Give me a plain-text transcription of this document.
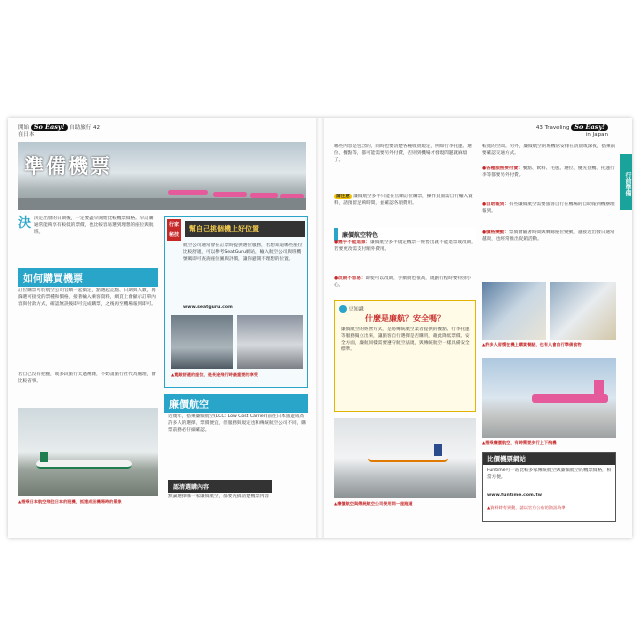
開始 So Easy! 自助旅行 42
在日本
準備機票
決 決定出發的日期後，一定要盡早開始比較機票價格。早訂購通常能夠享有較低的票價，也比較容易選到理想的座位與航班。
如何購買機票
訂位購票可於航空公司官網一起搞定，點選起訖點、日期與人數，再篩選可接受的票種和價格，接著輸入乘客資料，網頁上會顯示訂單內容與付款方式，確認無誤後即可完成購票，之後再至機場報到即可。
若自己沒有把握，或多段旅行太過複雜，不妨請旅行社代為處理，會比較省事。
▲搭乘日本航空飛往日本的班機，抵達成田機場時的景象
行家
秘技
幫自己挑個機上好位置
航空公司通常會在訂票時提供選位服務，若想知道哪些座位比較舒適，可以參考SeatGuru網站，輸入航空公司與班機號碼即可查詢座位圖與評價，讓你避開不理想的位置。
www.seatguru.com
▲寬敞舒適的座位，是長途飛行時最重要的享受
廉價航空
近幾年，搭乘廉價航空(LCC: Low Cost Carrier)前往日本旅遊成為許多人的選擇，票價便宜，但服務與規定也和傳統航空公司不同，購票前務必仔細確認。
認清選購內容
無論選擇哪一家廉價航空，都要先搞清楚機票內容
43 Traveling So Easy!
in Japan
行前準備
哪些內容是包含的，同時也要清楚各種收費規定，例如行李托運、選位、餐點等，都可能需要另外付費，否則到機場才發現問題就麻煩了。
請注意 廉價航空多半只能在官網訂位購票，操作頁面需自行輸入資料，請預留足夠時間，並確認各項費用。
廉價航空特色
●幾乎不能退票：廉價航空多半規定機票一經售出就不能退票或改期，若要更改需支付額外費用。
●改期不容易：即使可以改期，手續費也很高，規劃行程時要特別小心。
豆知識
什麼是廉航？安全嗎？
廉價航空的經營方式，是將傳統航空業者提供的餐點、行李托運等服務獨立出來，讓旅客自行選擇是否購買，藉此降低票價。安全方面，廉航同樣需要遵守航空法規，與傳統航空一樣具備安全標準。
▲廉價航空與傳統航空公司使用同一座跑道
較寬的空間。另外，廉價航空的班機常安排在清晨或深夜，搭乘前要確認交通方式。
●各種服務要付費：餐點、飲料、毛毯、選位、優先登機、托運行李等都要另外付費。
●自助報到：有些廉價航空需要旅客自行在機場的自助報到機辦理報到。
●價格變動：票價會隨著時間與剩餘座位變動，越接近出發日通常越貴，也經常推出促銷活動。
▲許多人習慣在機上購買餐點，也有人會自行準備食物
▲搭乘廉價航空，有時需要步行上下飛機
比價機票網站
Funtime可一站比較多家傳統航空與廉價航空的機票價格，相當方便。
www.funtime.com.tw
▲資料時有異動，請以官方公布的資訊為準
